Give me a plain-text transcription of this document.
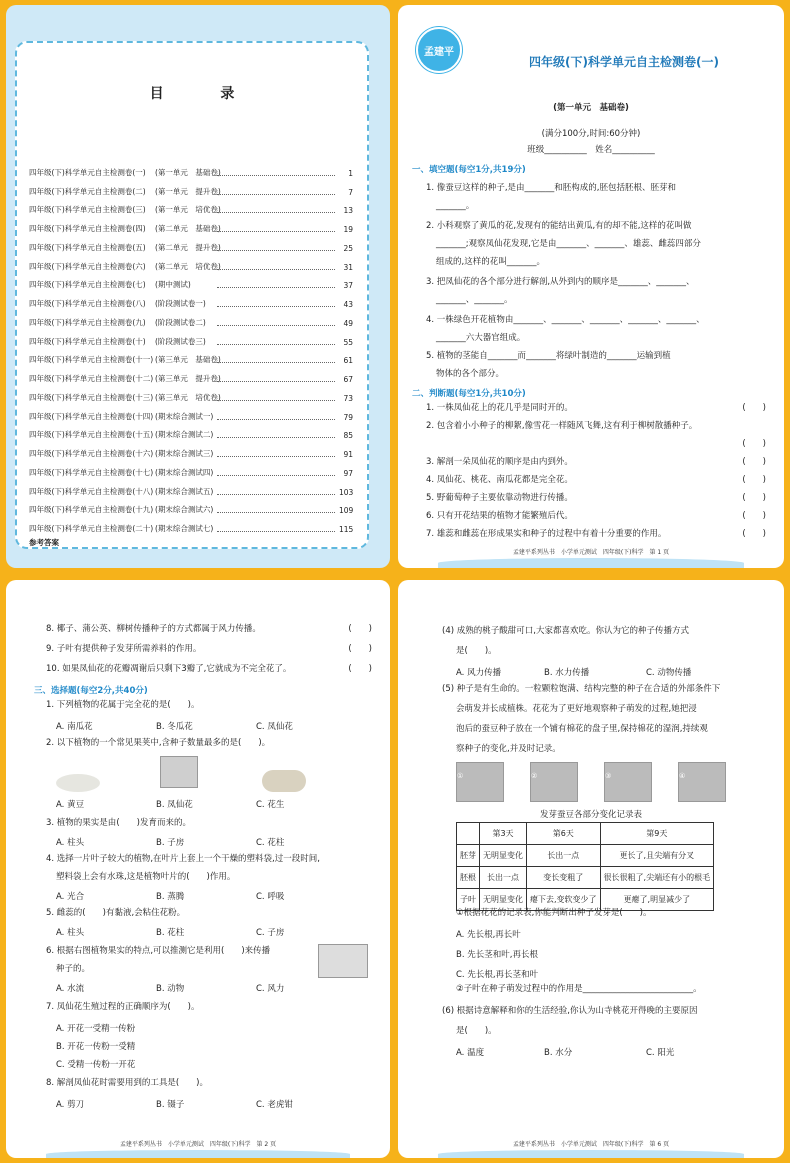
目 录
四年级(下)科学单元自主检测卷(一)	(第一单元　基础卷)	1
四年级(下)科学单元自主检测卷(二)	(第一单元　提升卷)	7
四年级(下)科学单元自主检测卷(三)	(第一单元　培优卷)	13
四年级(下)科学单元自主检测卷(四)	(第二单元　基础卷)	19
四年级(下)科学单元自主检测卷(五)	(第二单元　提升卷)	25
四年级(下)科学单元自主检测卷(六)	(第二单元　培优卷)	31
四年级(下)科学单元自主检测卷(七)	(期中测试)	37
四年级(下)科学单元自主检测卷(八)	(阶段测试卷一)	43
四年级(下)科学单元自主检测卷(九)	(阶段测试卷二)	49
四年级(下)科学单元自主检测卷(十)	(阶段测试卷三)	55
四年级(下)科学单元自主检测卷(十一) (第三单元　基础卷)	61
四年级(下)科学单元自主检测卷(十二) (第三单元　提升卷)	67
四年级(下)科学单元自主检测卷(十三) (第三单元　培优卷)	73
四年级(下)科学单元自主检测卷(十四) (期末综合测试一)	79
四年级(下)科学单元自主检测卷(十五) (期末综合测试二)	85
四年级(下)科学单元自主检测卷(十六) (期末综合测试三)	91
四年级(下)科学单元自主检测卷(十七) (期末综合测试四)	97
四年级(下)科学单元自主检测卷(十八) (期末综合测试五)	103
四年级(下)科学单元自主检测卷(十九) (期末综合测试六)	109
四年级(下)科学单元自主检测卷(二十) (期末综合测试七)	115
参考答案
孟建平
四年级(下)科学单元自主检测卷(一)
(第一单元　基础卷)
(满分100分,时间:60分钟)
班级__________　姓名__________
一、填空题(每空1分,共19分)
1. 像蚕豆这样的种子,是由_______和胚构成的,胚包括胚根、胚芽和
_______。
2. 小科观察了黄瓜的花,发现有的能结出黄瓜,有的却不能,这样的花叫做
_______;观察凤仙花发现,它是由_______、_______、雄蕊、雌蕊四部分
组成的,这样的花叫_______。
3. 把凤仙花的各个部分进行解剖,从外到内的顺序是_______、_______、
_______、_______。
4. 一株绿色开花植物由_______、_______、_______、_______、_______、
_______六大器官组成。
5. 植物的茎能自_______而_______将绿叶制造的_______运输到植
物体的各个部分。
二、判断题(每空1分,共10分)
1. 一株凤仙花上的花几乎是同时开的。	(　　)
2. 包含着小小种子的柳絮,像雪花一样随风飞舞,这有利于柳树散播种子。
(　　)
3. 解剖一朵凤仙花的顺序是由内到外。	(　　)
4. 凤仙花、桃花、南瓜花都是完全花。	(　　)
5. 野葡萄种子主要依靠动物进行传播。	(　　)
6. 只有开花结果的植物才能繁殖后代。	(　　)
7. 雄蕊和雌蕊在形成果实和种子的过程中有着十分重要的作用。	(　　)
孟建平系列丛书　小学单元测试　四年级(下)科学　第 1 页
8. 椰子、蒲公英、柳树传播种子的方式都属于风力传播。	(　　)
9. 子叶有提供种子发芽所需养料的作用。	(　　)
10. 如果凤仙花的花瓣凋谢后只剩下3瓣了,它就成为不完全花了。	(　　)
三、选择题(每空2分,共40分)
1. 下列植物的花属于完全花的是(　　)。
A. 南瓜花	B. 冬瓜花	C. 凤仙花
2. 以下植物的一个常见果荚中,含种子数量最多的是(　　)。
A. 黄豆	B. 凤仙花	C. 花生
3. 植物的果实是由(　　)发育而来的。
A. 柱头	B. 子房	C. 花柱
4. 选择一片叶子较大的植物,在叶片上套上一个干燥的塑料袋,过一段时间,
塑料袋上会有水珠,这是植物叶片的(　　)作用。
A. 光合	B. 蒸腾	C. 呼吸
5. 雌蕊的(　　)有黏液,会粘住花粉。
A. 柱头	B. 花柱	C. 子房
6. 根据右图植物果实的特点,可以推测它是利用(　　)来传播
种子的。
A. 水流	B. 动物	C. 风力
7. 凤仙花生殖过程的正确顺序为(　　)。
A. 开花一受精一传粉
B. 开花一传粉一受精
C. 受精一传粉一开花
8. 解剖凤仙花时需要用到的工具是(　　)。
A. 剪刀	B. 镊子	C. 老虎钳
孟建平系列丛书　小学单元测试　四年级(下)科学　第 2 页
(4) 成熟的桃子酸甜可口,大家都喜欢吃。你认为它的种子传播方式
是(　　)。
A. 风力传播	B. 水力传播	C. 动物传播
(5) 种子是有生命的。一粒颗粒饱满、结构完整的种子在合适的外部条件下
会萌发并长成植株。花花为了更好地观察种子萌发的过程,她把浸
泡后的蚕豆种子放在一个铺有棉花的盘子里,保持棉花的湿润,持续观
察种子的变化,并及时记录。
①	②	③	④
发芽蚕豆各部分变化记录表
	第3天	第6天	第9天
胚芽	无明显变化	长出一点	更长了,且尖端有分叉
胚根	长出一点	变长变粗了	很长很粗了,尖端还有小的根毛
子叶	无明显变化	瘪下去,变软变少了	更瘪了,明显减少了
①根据花花的记录表,你能判断出种子发芽是(　　)。
A. 先长根,再长叶
B. 先长茎和叶,再长根
C. 先长根,再长茎和叶
②子叶在种子萌发过程中的作用是__________________________。
(6) 根据诗意解释和你的生活经验,你认为山寺桃花开得晚的主要原因
是(　　)。
A. 温度	B. 水分	C. 阳光
孟建平系列丛书　小学单元测试　四年级(下)科学　第 6 页
